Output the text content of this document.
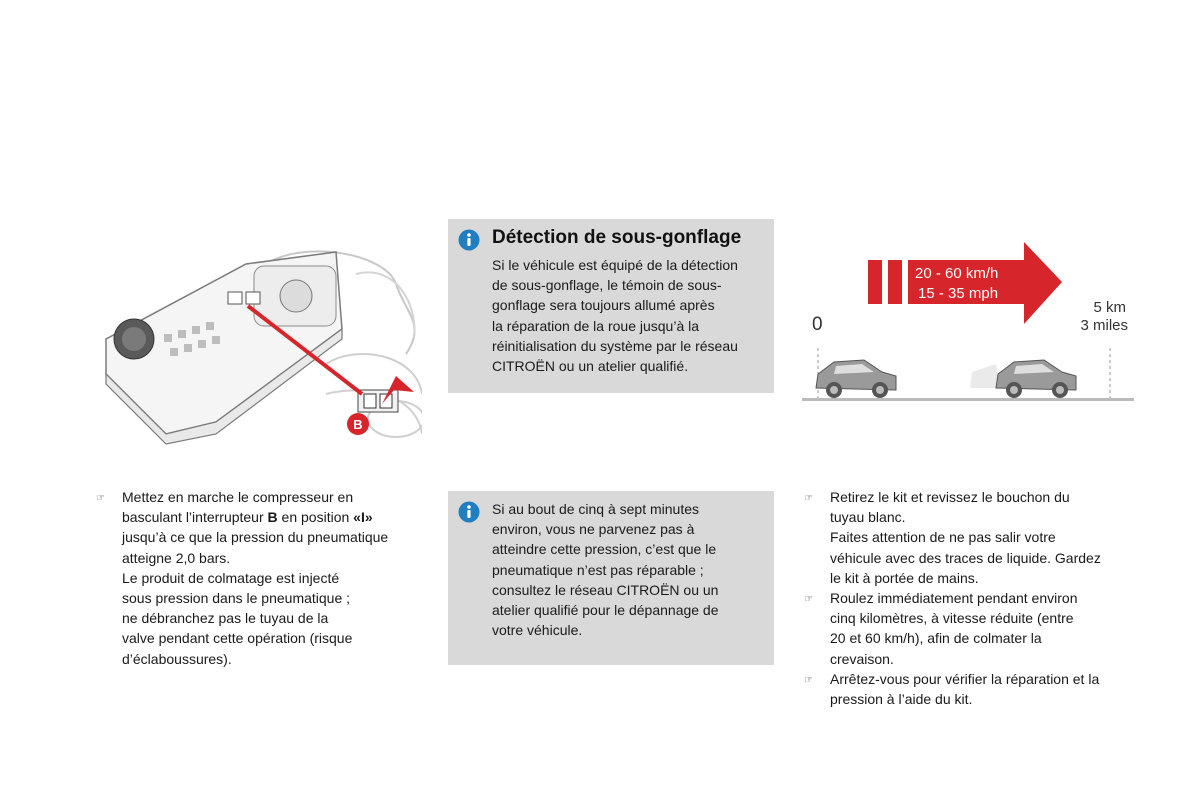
B
Détection de sous-gonflage
Si le véhicule est équipé de la détection
de sous-gonflage, le témoin de sous-
gonflage sera toujours allumé après
la réparation de la roue jusqu’à la
réinitialisation du système par le réseau
CITROËN ou un atelier qualifié.
20 - 60 km/h
15 - 35 mph
0
5 km
3 miles
☞ Mettez en marche le compresseur en
basculant l’interrupteur B en position «I»
jusqu’à ce que la pression du pneumatique
atteigne 2,0 bars.
Le produit de colmatage est injecté
sous pression dans le pneumatique ;
ne débranchez pas le tuyau de la
valve pendant cette opération (risque
d’éclaboussures).
Si au bout de cinq à sept minutes
environ, vous ne parvenez pas à
atteindre cette pression, c’est que le
pneumatique n’est pas réparable ;
consultez le réseau CITROËN ou un
atelier qualifié pour le dépannage de
votre véhicule.
☞ Retirez le kit et revissez le bouchon du
tuyau blanc.
Faites attention de ne pas salir votre
véhicule avec des traces de liquide. Gardez
le kit à portée de mains.
☞ Roulez immédiatement pendant environ
cinq kilomètres, à vitesse réduite (entre
20 et 60 km/h), afin de colmater la
crevaison.
☞ Arrêtez-vous pour vérifier la réparation et la
pression à l’aide du kit.
